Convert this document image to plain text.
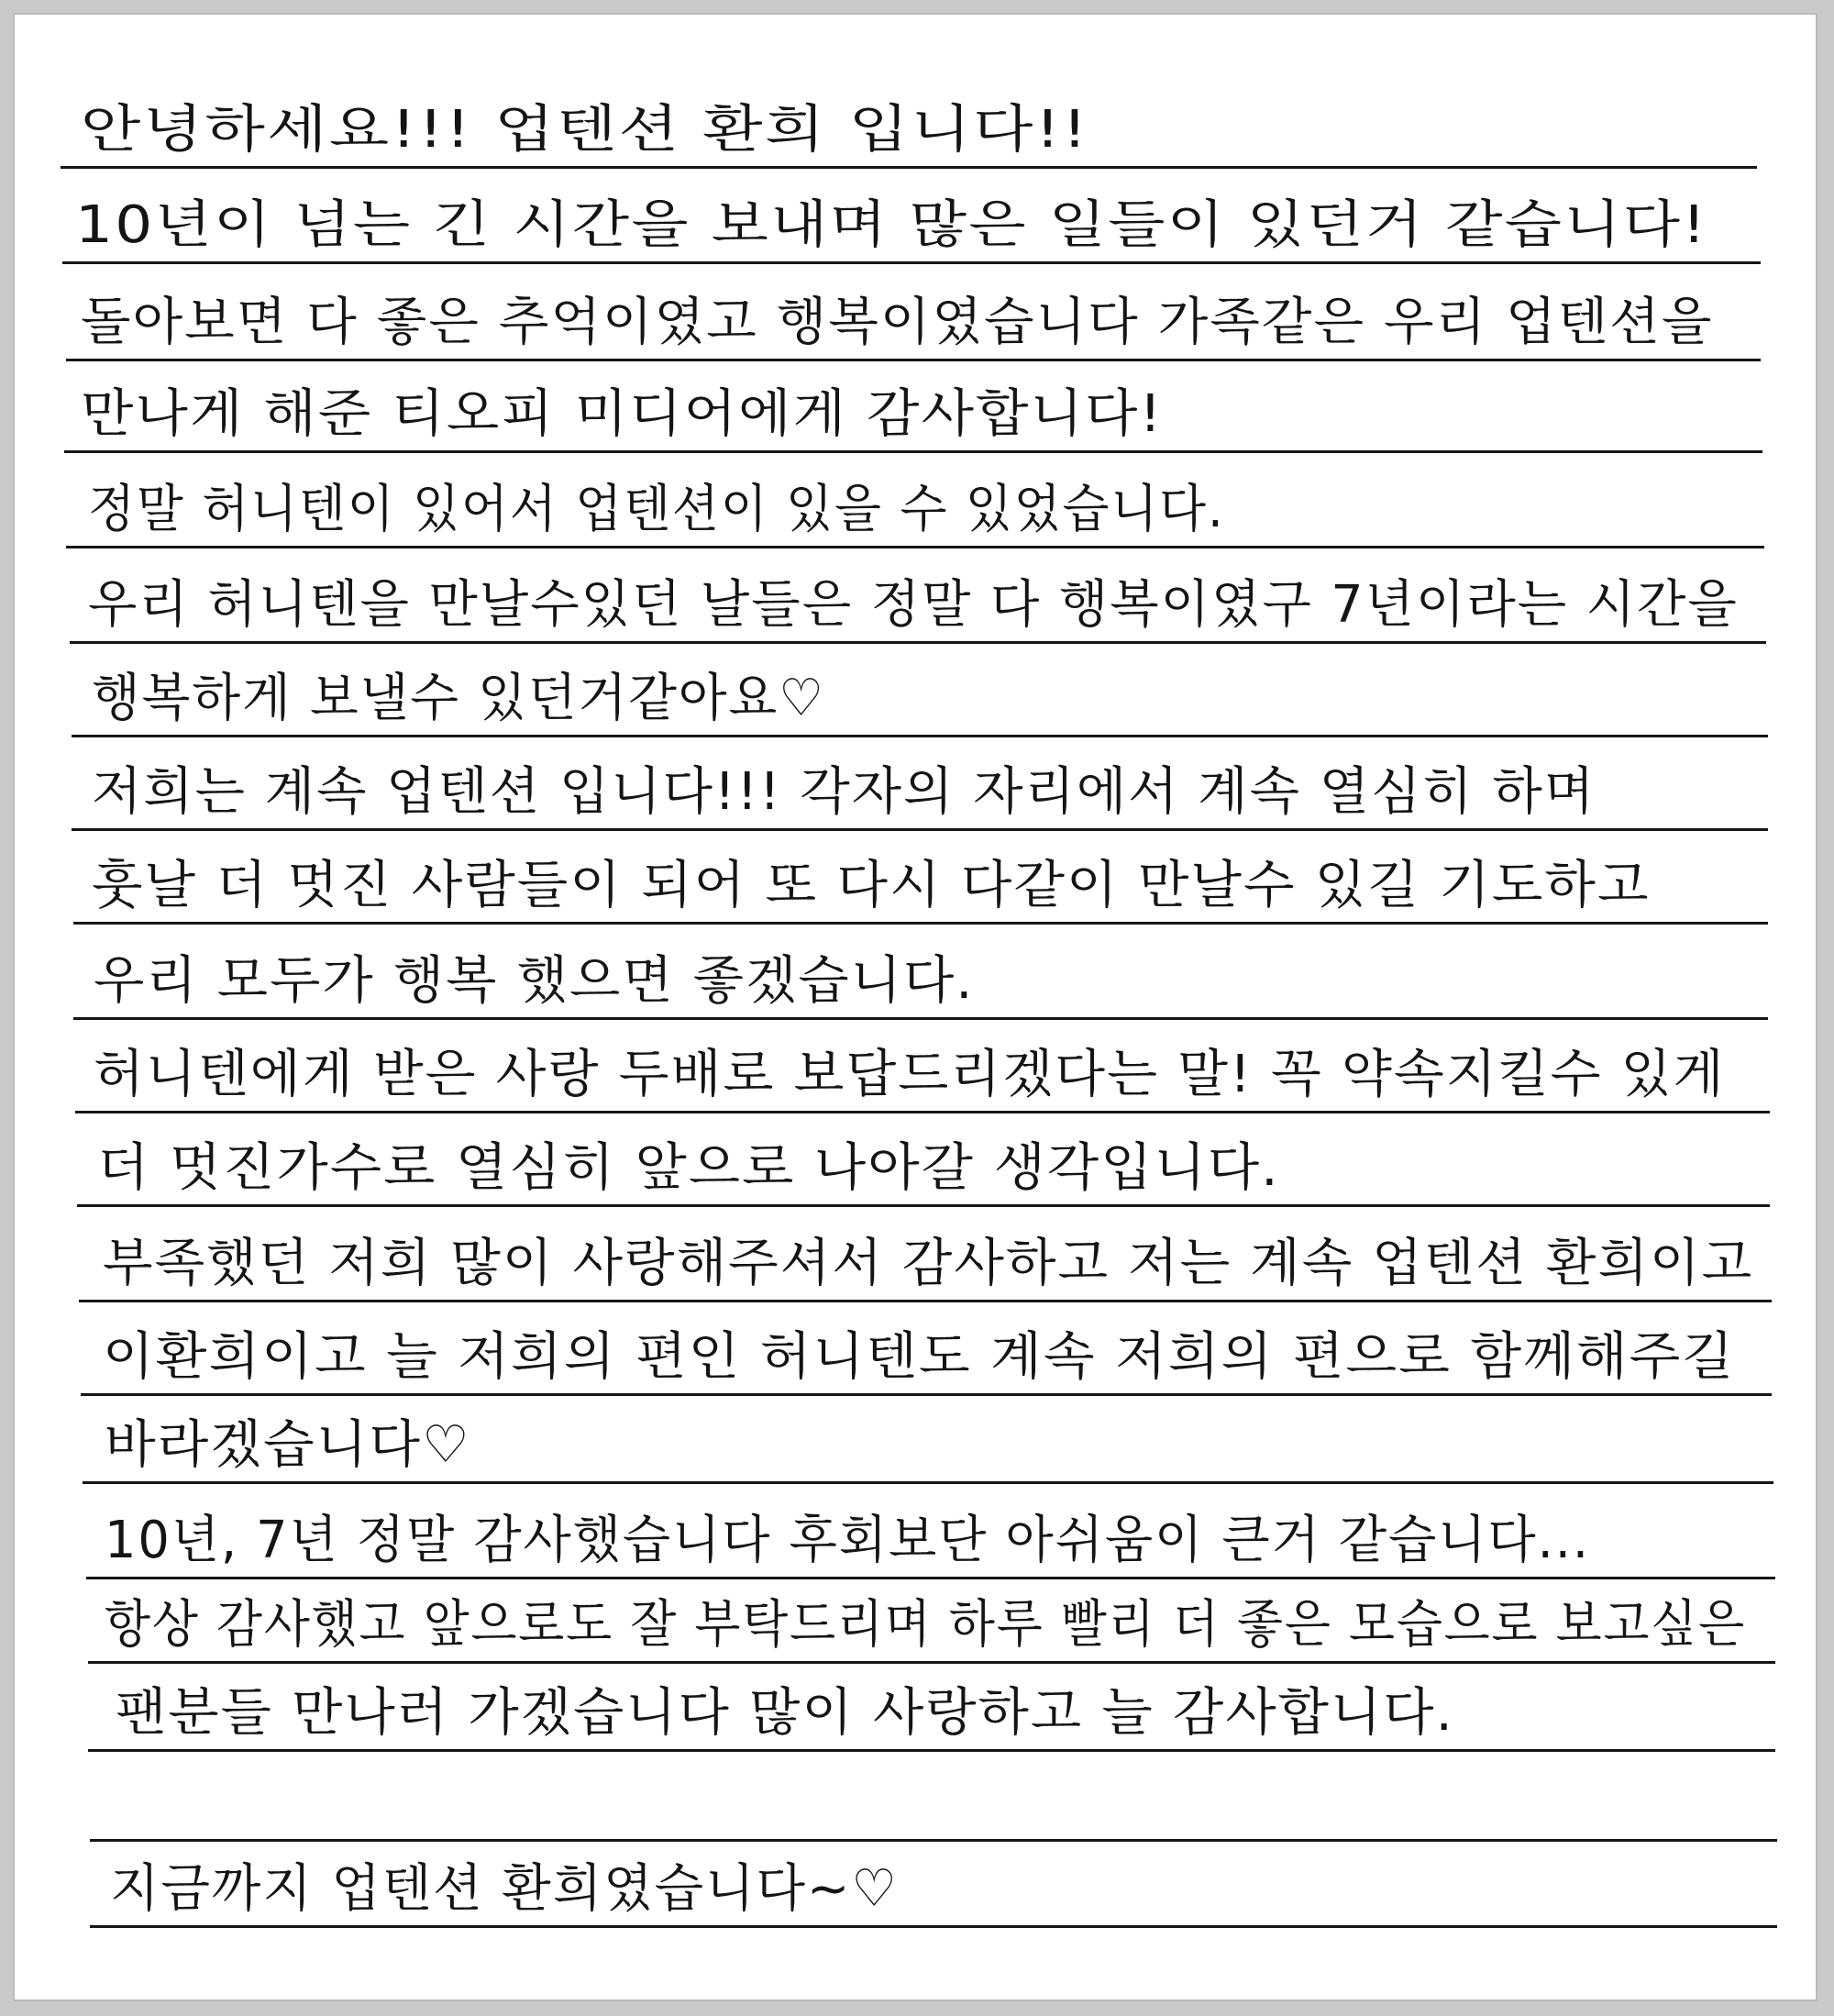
안녕하세요!!! 업텐션 환희 입니다!!
10년이 넘는 긴 시간을 보내며 많은 일들이 있던거 같습니다!
돌아보면 다 좋은 추억이였고 행복이였습니다 가족같은 우리 업텐션을
만나게 해준 티오피 미디어에게 감사합니다!
정말 허니텐이 있어서 업텐션이 있을 수 있었습니다.
우리 허니텐을 만날수있던 날들은 정말 다 행복이였구 7년이라는 시간을
행복하게 보낼수 있던거같아요♡
저희는 계속 업텐션 입니다!!! 각자의 자리에서 계속 열심히 하며
훗날 더 멋진 사람들이 되어 또 다시 다같이 만날수 있길 기도하고
우리 모두가 행복 했으면 좋겠습니다.
허니텐에게 받은 사랑 두배로 보답드리겠다는 말! 꼭 약속지킬수 있게
더 멋진가수로 열심히 앞으로 나아갈 생각입니다.
부족했던 저희 많이 사랑해주셔서 감사하고 저는 계속 업텐션 환희이고
이환희이고 늘 저희의 편인 허니텐도 계속 저희의 편으로 함께해주길
바라겠습니다♡
10년, 7년 정말 감사했습니다 후회보단 아쉬움이 큰거 같습니다...
항상 감사했고 앞으로도 잘 부탁드리며 하루 빨리 더 좋은 모습으로 보고싶은
팬분들 만나러 가겠습니다 많이 사랑하고 늘 감사합니다.
지금까지 업텐션 환희였습니다~♡
